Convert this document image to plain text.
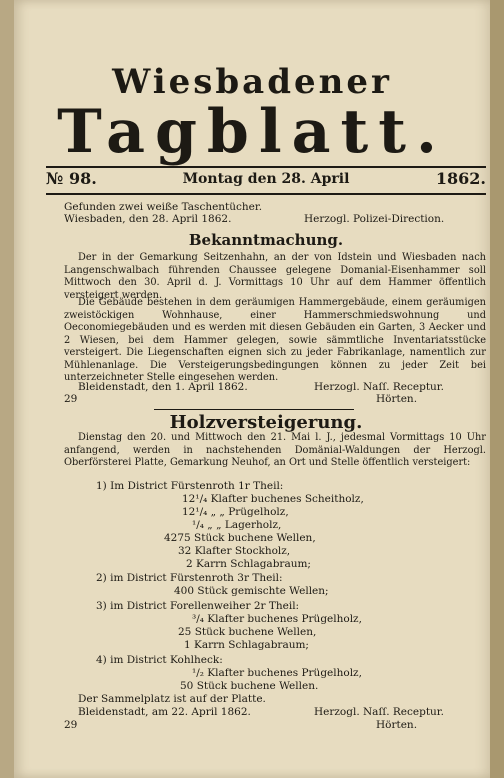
Wiesbadener
Tagblatt.
№ 98.	Montag den 28. April	1862.
Gefunden zwei weiße Taschentücher.
Wiesbaden, den 28. April 1862.	Herzogl. Polizei-Direction.
Bekanntmachung.
Der in der Gemarkung Seitzenhahn, an der von Idstein und Wiesbaden nach Langenschwalbach führenden Chaussee gelegene Domanial-Eisenhammer soll Mittwoch den 30. April d. J. Vormittags 10 Uhr auf dem Hammer öffentlich versteigert werden.
Die Gebäude bestehen in dem geräumigen Hammergebäude, einem geräumigen zweistöckigen Wohnhause, einer Hammerschmiedswohnung und Oeconomiegebäuden und es werden mit diesen Gebäuden ein Garten, 3 Aecker und 2 Wiesen, bei dem Hammer gelegen, sowie sämmtliche Inventariatsstücke versteigert. Die Liegenschaften eignen sich zu jeder Fabrikanlage, namentlich zur Mühlenanlage. Die Versteigerungsbedingungen können zu jeder Zeit bei unterzeichneter Stelle eingesehen werden.
Bleidenstadt, den 1. April 1862.	Herzogl. Naſſ. Receptur.
29	Hörten.
Holzversteigerung.
Dienstag den 20. und Mittwoch den 21. Mai l. J., jedesmal Vormittags 10 Uhr anfangend, werden in nachstehenden Domänial-Waldungen der Herzogl. Oberförsterei Platte, Gemarkung Neuhof, an Ort und Stelle öffentlich versteigert:
1) Im District Fürstenroth 1r Theil:
12¹/₄ Klafter buchenes Scheitholz,
12¹/₄ „ „ Prügelholz,
¹/₄ „ „ Lagerholz,
4275 Stück buchene Wellen,
32 Klafter Stockholz,
2 Karrn Schlagabraum;
2) im District Fürstenroth 3r Theil:
400 Stück gemischte Wellen;
3) im District Forellenweiher 2r Theil:
³/₄ Klafter buchenes Prügelholz,
25 Stück buchene Wellen,
1 Karrn Schlagabraum;
4) im District Kohlheck:
¹/₂ Klafter buchenes Prügelholz,
50 Stück buchene Wellen.
Der Sammelplatz ist auf der Platte.
Bleidenstadt, am 22. April 1862.	Herzogl. Naſſ. Receptur.
29	Hörten.
